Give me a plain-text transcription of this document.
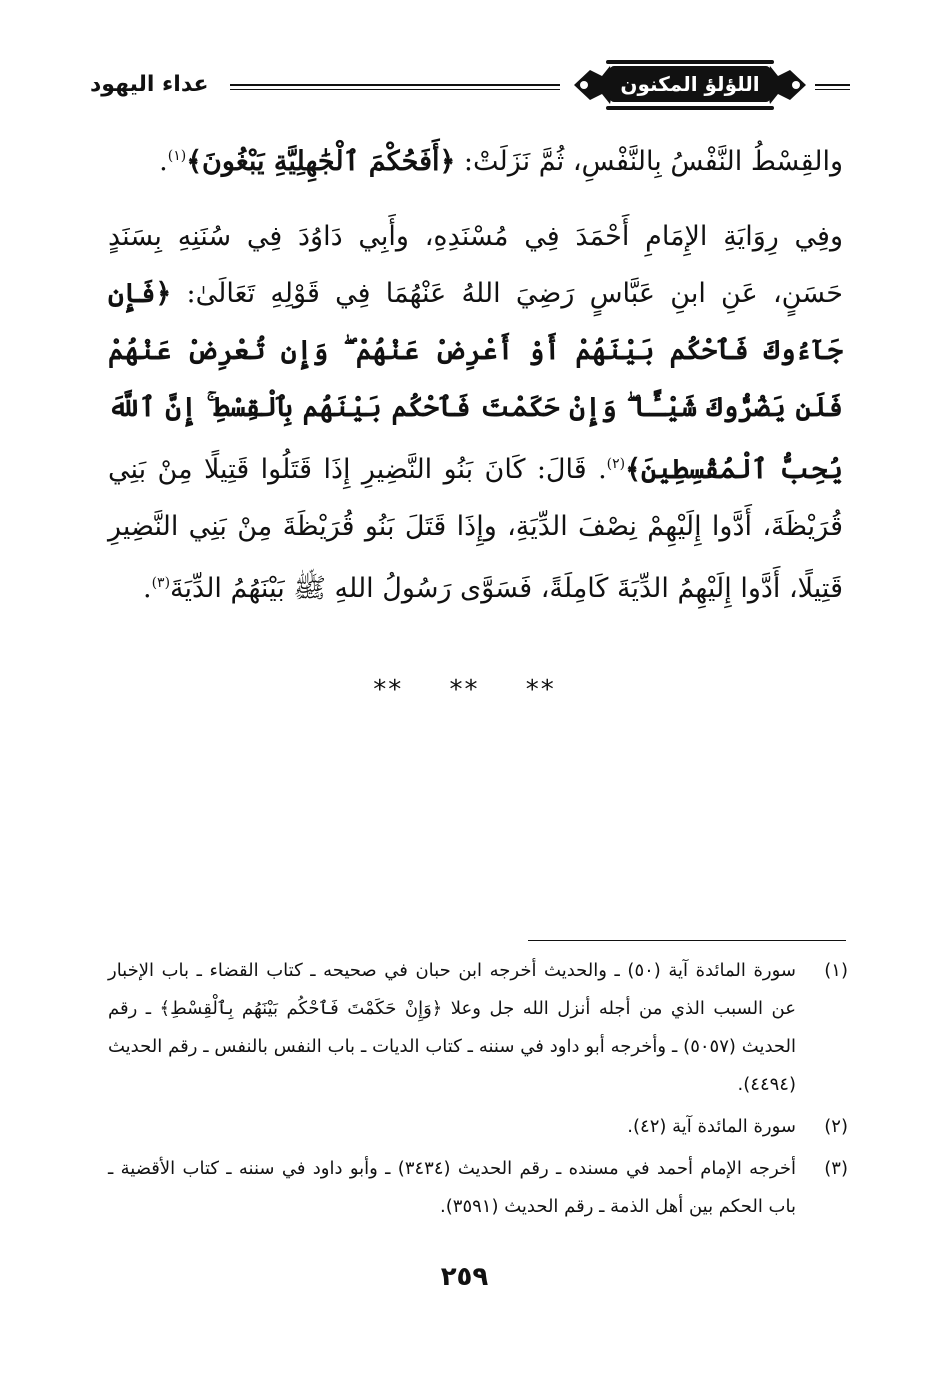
عداء اليهود	اللؤلؤ المكنون

والقِسْطُ النَّفْسُ بِالنَّفْسِ، ثُمَّ نَزَلَتْ: ﴿أَفَحُكْمَ ٱلْجَٰهِلِيَّةِ يَبْغُونَ﴾$^{(١)}$.

وفِي رِوَايَةِ الإِمَامِ أَحْمَدَ فِي مُسْنَدِهِ، وأَبِي دَاوُدَ فِي سُنَنِهِ بِسَنَدٍ حَسَنٍ، عَنِ ابنِ عَبَّاسٍ رَضِيَ اللهُ عَنْهُمَا فِي قَوْلِهِ تَعَالَىٰ: ﴿فَإِن جَآءُوكَ فَٱحْكُم بَيْنَهُمْ أَوْ أَعْرِضْ عَنْهُمْ ۖ وَإِن تُعْرِضْ عَنْهُمْ فَلَن يَضُرُّوكَ شَيْـًٔا ۖ وَإِنْ حَكَمْتَ فَٱحْكُم بَيْنَهُم بِٱلْقِسْطِ ۚ إِنَّ ٱللَّهَ يُحِبُّ ٱلْمُقْسِطِينَ﴾$^{(٢)}$. قَالَ: كَانَ بَنُو النَّضِيرِ إِذَا قَتَلُوا قَتِيلًا مِنْ بَنِي قُرَيْظَةَ، أَدَّوا إِلَيْهِمْ نِصْفَ الدِّيَةِ، وإِذَا قَتَلَ بَنُو قُرَيْظَةَ مِنْ بَنِي النَّضِيرِ قَتِيلًا، أَدَّوا إِلَيْهِمُ الدِّيَةَ كَامِلَةً، فَسَوَّى رَسُولُ اللهِ ﷺ بَيْنَهُمُ الدِّيَةَ$^{(٣)}$.

** ** **
(١)
سورة المائدة آية (٥٠) ـ والحديث أخرجه ابن حبان في صحيحه ـ كتاب القضاء ـ باب الإخبار عن السبب الذي من أجله أنزل الله جل وعلا ﴿وَإِنْ حَكَمْتَ فَٱحْكُم بَيْنَهُم بِٱلْقِسْطِ﴾ ـ رقم الحديث (٥٠٥٧) ـ وأخرجه أبو داود في سننه ـ كتاب الديات ـ باب النفس بالنفس ـ رقم الحديث (٤٤٩٤).
(٢)
سورة المائدة آية (٤٢).
(٣)
أخرجه الإمام أحمد في مسنده ـ رقم الحديث (٣٤٣٤) ـ وأبو داود في سننه ـ كتاب الأقضية ـ باب الحكم بين أهل الذمة ـ رقم الحديث (٣٥٩١).
٢٥٩
